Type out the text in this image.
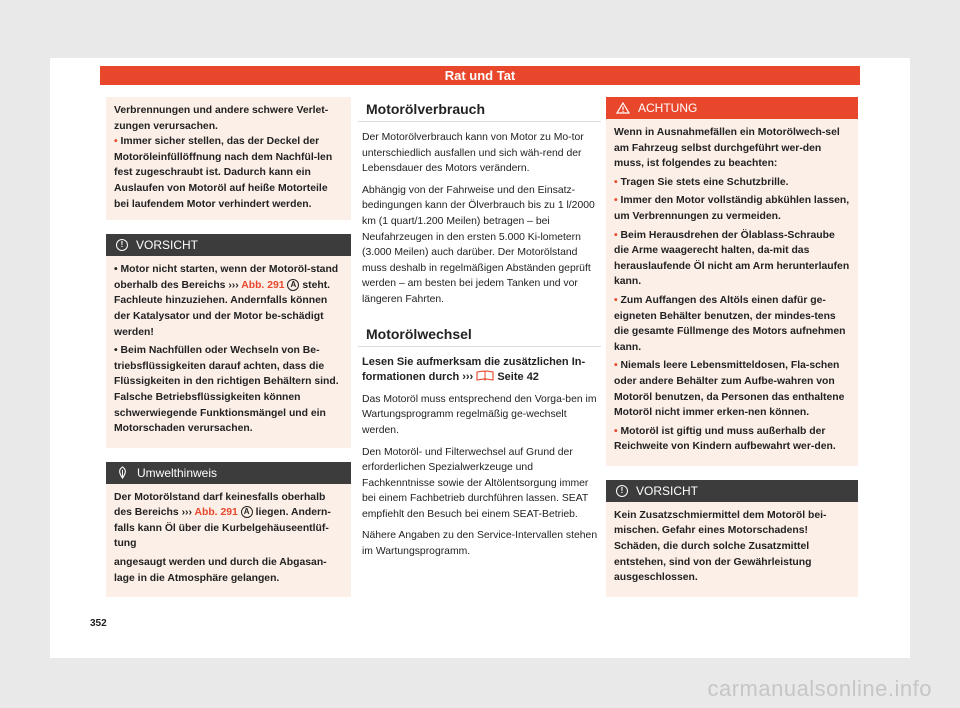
Rat und Tat

Verbrennungen und andere schwere Verlet-zungen verursachen.

• Immer sicher stellen, das der Deckel der Motoröleinfüllöffnung nach dem Nachfül-len fest zugeschraubt ist. Dadurch kann ein Auslaufen von Motoröl auf heiße Motorteile bei laufendem Motor verhindert werden.

!	VORSICHT

• Motor nicht starten, wenn der Motoröl-stand oberhalb des Bereichs ››› Abb. 291 A steht. Fachleute hinzuziehen. Andernfalls können der Katalysator und der Motor be-schädigt werden!

• Beim Nachfüllen oder Wechseln von Be-triebsflüssigkeiten darauf achten, dass die Flüssigkeiten in den richtigen Behältern sind. Falsche Betriebsflüssigkeiten können schwerwiegende Funktionsmängel und ein Motorschaden verursachen.

Umwelthinweis

Der Motorölstand darf keinesfalls oberhalb des Bereichs ››› Abb. 291 A liegen. Andern-falls kann Öl über die Kurbelgehäuseentlüf-tung

angesaugt werden und durch die Abgasan-lage in die Atmosphäre gelangen.

Motorölverbrauch

Der Motorölverbrauch kann von Motor zu Mo-tor unterschiedlich ausfallen und sich wäh-rend der Lebensdauer des Motors verändern.

Abhängig von der Fahrweise und den Einsatz-bedingungen kann der Ölverbrauch bis zu 1 l/2000 km (1 quart/1.200 Meilen) betragen – bei Neufahrzeugen in den ersten 5.000 Ki-lometern (3.000 Meilen) auch darüber. Der Motorölstand muss deshalb in regelmäßigen Abständen geprüft werden – am besten bei jedem Tanken und vor längeren Fahrten.

Motorölwechsel

Lesen Sie aufmerksam die zusätzlichen In-formationen durch ››› Seite 42

Das Motoröl muss entsprechend den Vorga-ben im Wartungsprogramm regelmäßig ge-wechselt werden.

Den Motoröl- und Filterwechsel auf Grund der erforderlichen Spezialwerkzeuge und Fachkenntnisse sowie der Altölentsorgung immer bei einem Fachbetrieb durchführen lassen. SEAT empfiehlt den Besuch bei einem SEAT-Betrieb.

Nähere Angaben zu den Service-Intervallen stehen im Wartungsprogramm.

ACHTUNG

Wenn in Ausnahmefällen ein Motorölwech-sel am Fahrzeug selbst durchgeführt wer-den muss, ist folgendes zu beachten:

• Tragen Sie stets eine Schutzbrille.

• Immer den Motor vollständig abkühlen lassen, um Verbrennungen zu vermeiden.

• Beim Herausdrehen der Ölablass-Schraube die Arme waagerecht halten, da-mit das herauslaufende Öl nicht am Arm herunterlaufen kann.

• Zum Auffangen des Altöls einen dafür ge-eigneten Behälter benutzen, der mindes-tens die gesamte Füllmenge des Motors aufnehmen kann.

• Niemals leere Lebensmitteldosen, Fla-schen oder andere Behälter zum Aufbe-wahren von Motoröl benutzen, da Personen das enthaltene Motoröl nicht immer erken-nen können.

• Motoröl ist giftig und muss außerhalb der Reichweite von Kindern aufbewahrt wer-den.

!	VORSICHT

Kein Zusatzschmiermittel dem Motoröl bei-mischen. Gefahr eines Motorschadens! Schäden, die durch solche Zusatzmittel entstehen, sind von der Gewährleistung ausgeschlossen.

352
carmanualsonline.info
